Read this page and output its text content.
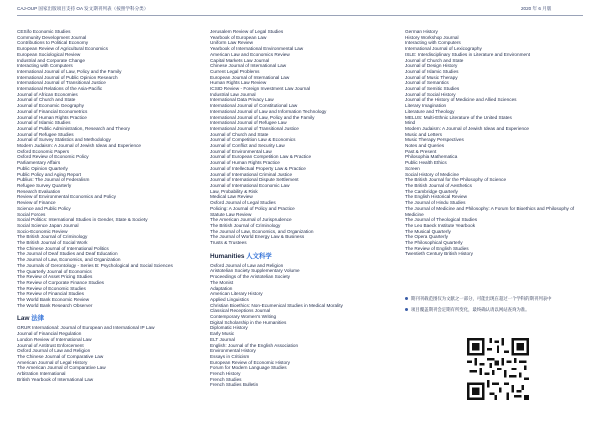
CAJ-OUP 国家出版项目支持 OA 发文期刊列表（按照学科分类）	2020 年 6 月版
CESifo Economic Studies
Community Development Journal
Contributions to Political Economy
European Review of Agricultural Economics
European Sociological Review
Industrial and Corporate Change
Interacting with Computers
International Journal of Law, Policy and the Family
International Journal of Public Opinion Research
International Journal of Transitional Justice
International Relations of the Asia-Pacific
Journal of African Economies
Journal of Church and State
Journal of Economic Geography
Journal of Financial Econometrics
Journal of Human Rights Practice
Journal of Islamic Studies
Journal of Public Administration, Research and Theory
Journal of Refugee Studies
Journal of Survey Statistics and Methodology
Modern Judaism: A Journal of Jewish Ideas and Experience
Oxford Economic Papers
Oxford Review of Economic Policy
Parliamentary Affairs
Public Opinion Quarterly
Public Policy and Aging Report
Publius: The Journal of Federalism
Refugee Survey Quarterly
Research Evaluation
Review of Environmental Economics and Policy
Review of Finance
Science and Public Policy
Social Forces
Social Politics: International Studies in Gender, State & Society
Social Science Japan Journal
Socio-Economic Review
The British Journal of Criminology
The British Journal of Social Work
The Chinese Journal of International Politics
The Journal of Deaf Studies and Deaf Education
The Journal of Law, Economics, and Organization
The Journals of Gerontology - Series B: Psychological and Social Sciences
The Quarterly Journal of Economics
The Review of Asset Pricing Studies
The Review of Corporate Finance Studies
The Review of Economic Studies
The Review of Financial Studies
The World Bank Economic Review
The World Bank Research Observer
Law 法律
GRUR International: Journal of European and International IP Law
Journal of Financial Regulation
London Review of International Law
Journal of Antitrust Enforcement
Oxford Journal of Law and Religion
The Chinese Journal of Comparative Law
American Journal of Legal History
The American Journal of Comparative Law
Arbitration International
British Yearbook of International Law
Jerusalem Review of Legal Studies
Yearbook of European Law
Uniform Law Review
Yearbook of International Environmental Law
American Law and Economics Review
Capital Markets Law Journal
Chinese Journal of International Law
Current Legal Problems
European Journal of International Law
Human Rights Law Review
ICSID Review - Foreign Investment Law Journal
Industrial Law Journal
International Data Privacy Law
International Journal of Constitutional Law
International Journal of Law and Information Technology
International Journal of Law, Policy and the Family
International Journal of Refugee Law
International Journal of Transitional Justice
Journal of Church and State
Journal of Competition Law & Economics
Journal of Conflict and Security Law
Journal of Environmental Law
Journal of European Competition Law & Practice
Journal of Human Rights Practice
Journal of Intellectual Property Law & Practice
Journal of International Criminal Justice
Journal of International Dispute Settlement
Journal of International Economic Law
Law, Probability & Risk
Medical Law Review
Oxford Journal of Legal Studies
Policing: A Journal of Policy and Practice
Statute Law Review
The American Journal of Jurisprudence
The British Journal of Criminology
The Journal of Law, Economics, and Organization
The Journal of World Energy Law & Business
Trusts & Trustees
Humanities 人文科学
Oxford Journal of Law and Religion
Aristotelian Society Supplementary Volume
Proceedings of the Aristotelian Society
The Monist
Adaptation
American Literary History
Applied Linguistics
Christian Bioethics: Non-Ecumenical Studies in Medical Morality
Classical Receptions Journal
Contemporary Women's Writing
Digital Scholarship in the Humanities
Diplomatic History
Early Music
ELT Journal
English: Journal of the English Association
Environmental History
Essays in Criticism
European Review of Economic History
Forum for Modern Language Studies
French History
French Studies
French Studies Bulletin
German History
History Workshop Journal
Interacting with Computers
International Journal of Lexicography
ISLE: Interdisciplinary Studies in Literature and Environment
Journal of Church and State
Journal of Design History
Journal of Islamic Studies
Journal of Music Therapy
Journal of Semantics
Journal of Semitic Studies
Journal of Social History
Journal of the History of Medicine and Allied Sciences
Literary Imagination
Literature and Theology
MELUS: Multi-Ethnic Literature of the United States
Mind
Modern Judaism: A Journal of Jewish Ideas and Experience
Music and Letters
Music Therapy Perspectives
Notes and Queries
Past & Present
Philosophia Mathematica
Public Health Ethics
Screen
Social History of Medicine
The British Journal for the Philosophy of Science
The British Journal of Aesthetics
The Cambridge Quarterly
The English Historical Review
The Journal of Hindu Studies
The Journal of Medicine and Philosophy: A Forum for Bioethics and Philosophy of Medicine
The Journal of Theological Studies
The Leo Baeck Institute Yearbook
The Musical Quarterly
The Opera Quarterly
The Philosophical Quarterly
The Review of English Studies
Twentieth Century British History
期刊刊载范围仅为文献之一部分，可能出现在超过一个学科的期刊列表中
项目覆盖期刊会定期有所变化，最终确认请以网站查询为准。
